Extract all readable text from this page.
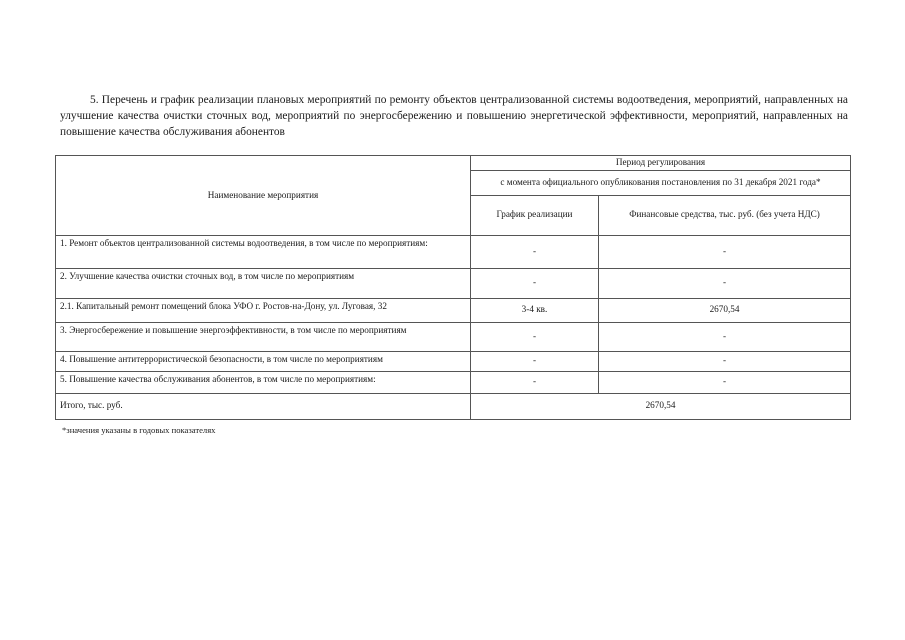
5. Перечень и график реализации плановых мероприятий по ремонту объектов централизованной системы водоотведения, мероприятий, направленных на улучшение качества очистки сточных вод, мероприятий по энергосбережению и повышению энергетической эффективности, мероприятий, направленных на повышение качества обслуживания абонентов
Наименование мероприятия	Период регулирования	
	с момента официального опубликования постановления по 31 декабря 2021 года*	
	График реализации	Финансовые средства, тыс. руб. (без учета НДС)
1. Ремонт объектов централизованной системы водоотведения, в том числе по мероприятиям:	-	-
2. Улучшение качества очистки сточных вод, в том числе по мероприятиям	-	-
2.1. Капитальный ремонт помещений блока УФО г. Ростов-на-Дону, ул. Луговая, 32	3-4 кв.	2670,54
3. Энергосбережение и повышение энергоэффективности, в том числе по мероприятиям	-	-
4. Повышение антитеррористической безопасности, в том числе по мероприятиям	-	-
5. Повышение качества обслуживания абонентов, в том числе по мероприятиям:	-	-
Итого, тыс. руб.	2670,54	
*значения указаны в годовых показателях
